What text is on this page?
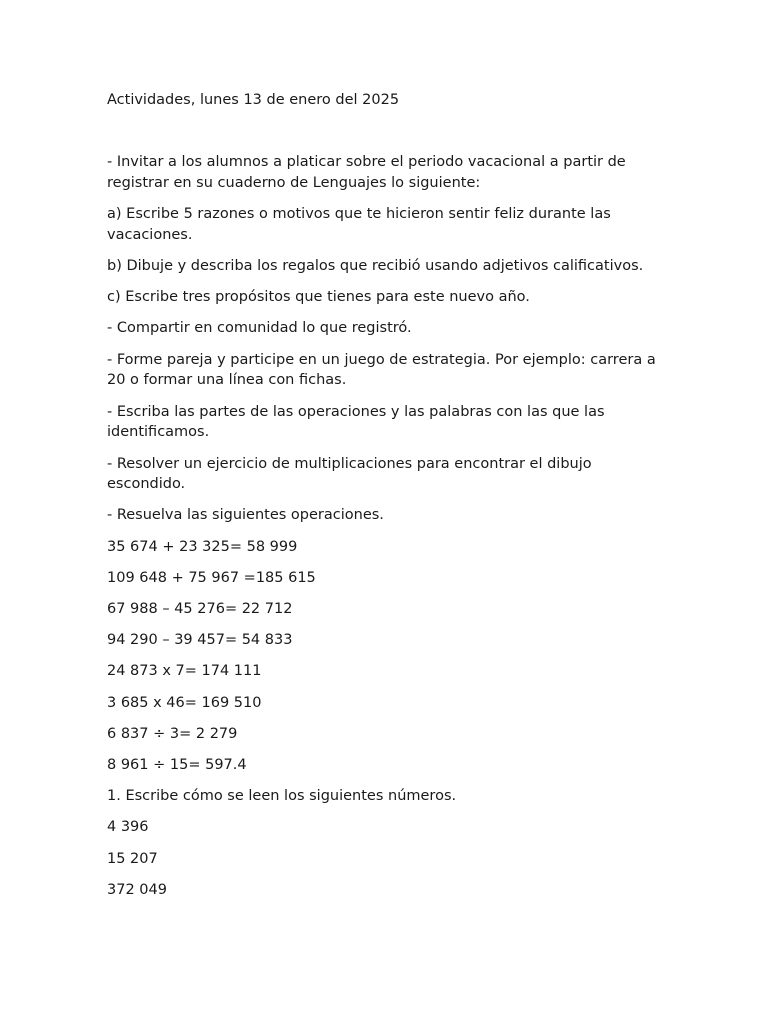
Actividades, lunes 13 de enero del 2025

- Invitar a los alumnos a platicar sobre el periodo vacacional a partir de registrar en su cuaderno de Lenguajes lo siguiente:

a) Escribe 5 razones o motivos que te hicieron sentir feliz durante las vacaciones.

b) Dibuje y describa los regalos que recibió usando adjetivos calificativos.

c) Escribe tres propósitos que tienes para este nuevo año.

- Compartir en comunidad lo que registró.

- Forme pareja y participe en un juego de estrategia. Por ejemplo: carrera a 20 o formar una línea con fichas.

- Escriba las partes de las operaciones y las palabras con las que las identificamos.

- Resolver un ejercicio de multiplicaciones para encontrar el dibujo escondido.

- Resuelva las siguientes operaciones.

35 674 + 23 325= 58 999

109 648 + 75 967 =185 615

67 988 – 45 276= 22 712

94 290 – 39 457= 54 833

24 873 x 7= 174 111

3 685 x 46= 169 510

6 837 ÷ 3= 2 279

8 961 ÷ 15= 597.4

1. Escribe cómo se leen los siguientes números.

4 396

15 207

372 049
